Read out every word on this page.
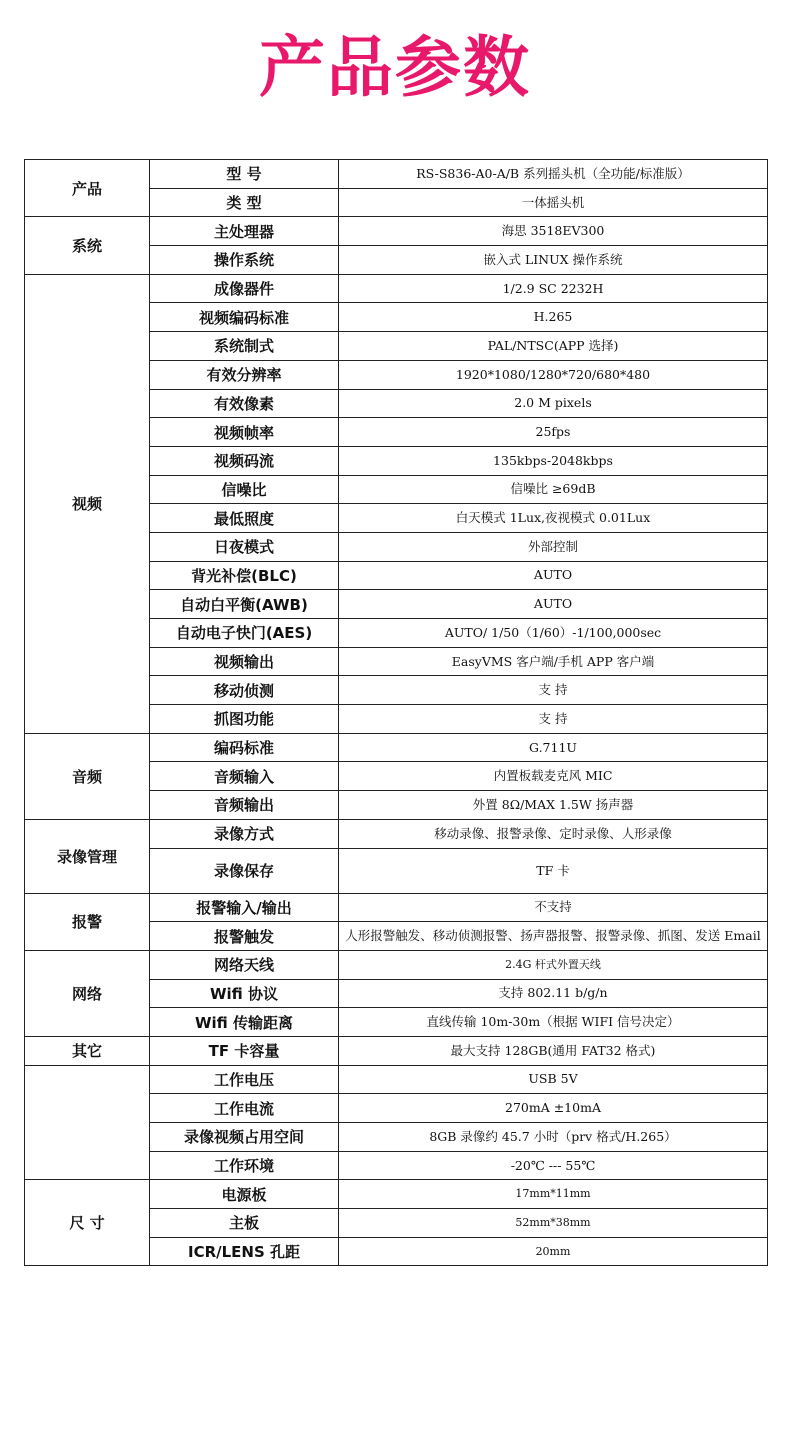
产品参数
产品	型 号	RS-S836-A0-A/B 系列摇头机（全功能/标准版）
	类 型	一体摇头机
系统	主处理器	海思 3518EV300
	操作系统	嵌入式 LINUX 操作系统
视频	成像器件	1/2.9 SC 2232H
	视频编码标准	H.265
	系统制式	PAL/NTSC(APP 选择)
	有效分辨率	1920*1080/1280*720/680*480
	有效像素	2.0 M pixels
	视频帧率	25fps
	视频码流	135kbps-2048kbps
	信噪比	信噪比 ≥69dB
	最低照度	白天模式 1Lux,夜视模式 0.01Lux
	日夜模式	外部控制
	背光补偿(BLC)	AUTO
	自动白平衡(AWB)	AUTO
	自动电子快门(AES)	AUTO/ 1/50（1/60）-1/100,000sec
	视频输出	EasyVMS 客户端/手机 APP 客户端
	移动侦测	支 持
	抓图功能	支 持
音频	编码标准	G.711U
	音频输入	内置板载麦克风 MIC
	音频输出	外置 8Ω/MAX 1.5W 扬声器
录像管理	录像方式	移动录像、报警录像、定时录像、人形录像
	录像保存	TF 卡
报警	报警输入/输出	不支持
	报警触发	人形报警触发、移动侦测报警、扬声器报警、报警录像、抓图、发送 Email
网络	网络天线	2.4G 杆式外置天线
	Wifi 协议	支持 802.11 b/g/n
	Wifi 传输距离	直线传输 10m-30m（根据 WIFI 信号决定）
其它	TF 卡容量	最大支持 128GB(通用 FAT32 格式)
	工作电压	USB 5V
	工作电流	270mA ±10mA
	录像视频占用空间	8GB 录像约 45.7 小时（prv 格式/H.265）
	工作环境	-20℃ --- 55℃
尺 寸	电源板	17mm*11mm
	主板	52mm*38mm
	ICR/LENS 孔距	20mm
